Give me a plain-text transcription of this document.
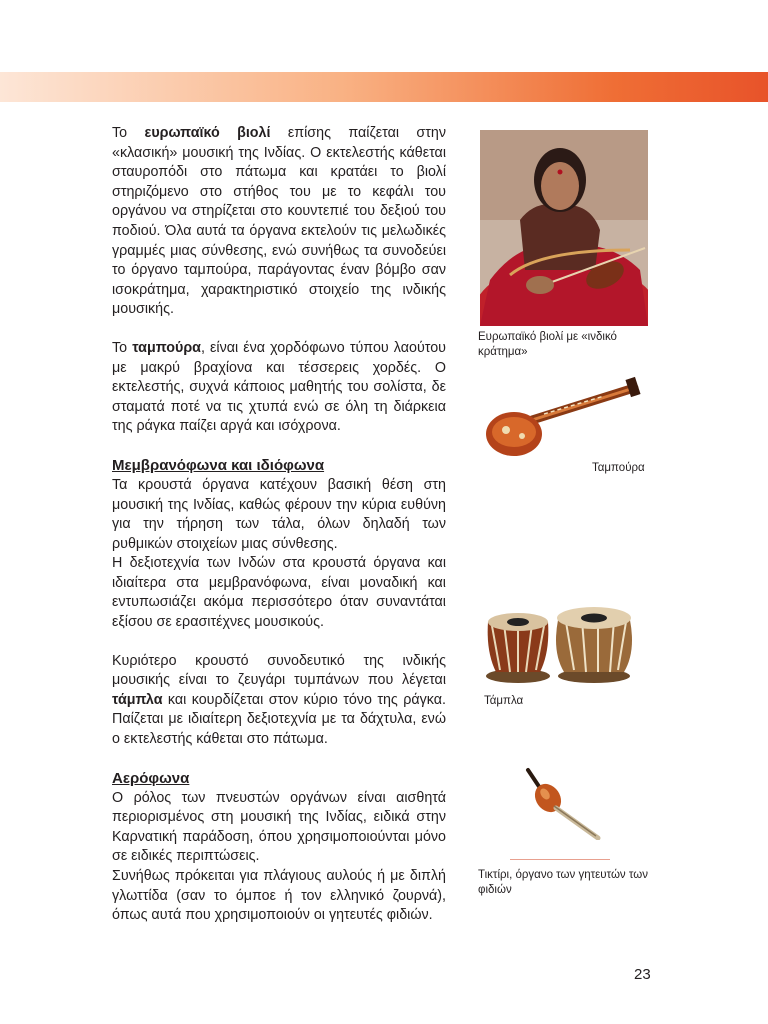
Το ευρωπαϊκό βιολί επίσης παίζεται στην «κλασική» μουσική της Ινδίας. Ο εκτελεστής κάθεται σταυροπόδι στο πάτωμα και κρατάει το βιολί στηριζόμενο στο στήθος του με το κεφάλι του οργάνου να στηρίζεται στο κουντεπιέ του δεξιού του ποδιού. Όλα αυτά τα όργανα εκτελούν τις μελωδικές γραμμές μιας σύνθεσης, ενώ συνήθως τα συνοδεύει το όργανο ταμπούρα, παράγοντας έναν βόμβο σαν ισοκράτημα, χαρακτηριστικό στοιχείο της ινδικής μουσικής.

Το ταμπούρα, είναι ένα χορδόφωνο τύπου λαούτου με μακρύ βραχίονα και τέσσερεις χορδές. Ο εκτελεστής, συχνά κάποιος μαθητής του σολίστα, δε σταματά ποτέ να τις χτυπά ενώ σε όλη τη διάρκεια της ράγκα παίζει αργά και ισόχρονα.

Μεμβρανόφωνα και ιδιόφωνα

Τα κρουστά όργανα κατέχουν βασική θέση στη μουσική της Ινδίας, καθώς φέρουν την κύρια ευθύνη για την τήρηση των τάλα, όλων δηλαδή των ρυθμικών στοιχείων μιας σύνθεσης.

Η δεξιοτεχνία των Ινδών στα κρουστά όργανα και ιδιαίτερα στα μεμβρανόφωνα, είναι μοναδική και εντυπωσιάζει ακόμα περισσότερο όταν συναντάται εξίσου σε ερασιτέχνες μουσικούς.

Κυριότερο κρουστό συνοδευτικό της ινδικής μουσικής είναι το ζευγάρι τυμπάνων που λέγεται τάμπλα και κουρδίζεται στον κύριο τόνο της ράγκα. Παίζεται με ιδιαίτερη δεξιοτεχνία με τα δάχτυλα, ενώ ο εκτελεστής κάθεται στο πάτωμα.

Αερόφωνα

Ο ρόλος των πνευστών οργάνων είναι αισθητά περιορισμένος στη μουσική της Ινδίας, ειδικά στην Καρνατική παράδοση, όπου χρησιμοποιούνται μόνο σε ειδικές περιπτώσεις.

Συνήθως πρόκειται για πλάγιους αυλούς ή με διπλή γλωττίδα (σαν το όμποε ή τον ελληνικό ζουρνά), όπως αυτά που χρησιμοποιούν οι γητευτές φιδιών.

Ευρωπαϊκό βιολί με «ινδικό κράτημα»
Ταμπούρα
Τάμπλα
Τικτίρι, όργανο των γητευτών των φιδιών
23
